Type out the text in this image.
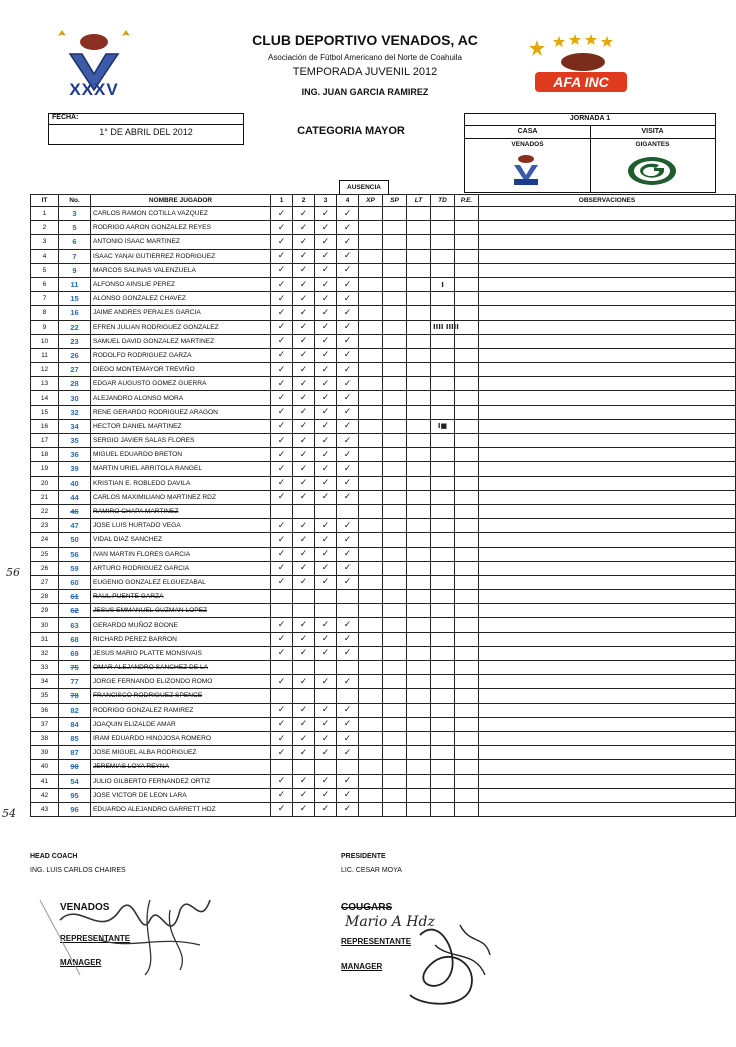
XXXV	AFA INC
CLUB DEPORTIVO VENADOS, AC
Asociación de Fútbol Americano del Norte de Coahuila
TEMPORADA JUVENIL 2012
ING. JUAN GARCIA RAMIREZ
FECHA:
1° DE ABRIL DEL 2012	CATEGORIA MAYOR
JORNADA 1
CASA	VISITA
VENADOS	GIGANTES
AUSENCIA
56
54
IT	No.	NOMBRE JUGADOR	1	2	3	4	XP	SP	LT	TD	P.E.	OBSERVACIONES
1	3	CARLOS RAMON COTILLA VAZQUEZ	✓	✓	✓	✓						
2	5	RODRIGO AARON GONZALEZ REYES	✓	✓	✓	✓						
3	6	ANTONIO ISAAC MARTINEZ	✓	✓	✓	✓						
4	7	ISAAC YANAI GUTIERREZ RODRIGUEZ	✓	✓	✓	✓						
5	9	MARCOS SALINAS VALENZUELA	✓	✓	✓	✓						
6	11	ALFONSO AINSLIE PEREZ	✓	✓	✓	✓				I		
7	15	ALONSO GONZALEZ CHAVEZ	✓	✓	✓	✓						
8	16	JAIME ANDRES PERALES GARCIA	✓	✓	✓	✓						
9	22	EFREN JULIAN RODRIGUEZ GONZALEZ	✓	✓	✓	✓				IIII IIIII		
10	23	SAMUEL DAVID GONZALEZ MARTINEZ	✓	✓	✓	✓						
11	26	RODOLFO RODRIGUEZ GARZA	✓	✓	✓	✓						
12	27	DIEGO MONTEMAYOR TREVIÑO	✓	✓	✓	✓						
13	28	EDGAR AUGUSTO GOMEZ GUERRA	✓	✓	✓	✓						
14	30	ALEJANDRO ALONSO MORA	✓	✓	✓	✓						
15	32	RENE GERARDO RODRIGUEZ ARAGON	✓	✓	✓	✓						
16	34	HECTOR DANIEL MARTINEZ	✓	✓	✓	✓				I■		
17	35	SERGIO JAVIER SALAS FLORES	✓	✓	✓	✓						
18	36	MIGUEL EDUARDO BRETON	✓	✓	✓	✓						
19	39	MARTIN URIEL ARRITOLA RANGEL	✓	✓	✓	✓						
20	40	KRISTIAN E. ROBLEDO DAVILA	✓	✓	✓	✓						
21	44	CARLOS MAXIMILIANO MARTINEZ RDZ	✓	✓	✓	✓						
22	46	RAMIRO CHAPA MARTINEZ										
23	47	JOSE LUIS HURTADO VEGA	✓	✓	✓	✓						
24	50	VIDAL DIAZ SANCHEZ	✓	✓	✓	✓						
25	56	IVAN MARTIN FLORES GARCIA	✓	✓	✓	✓						
26	59	ARTURO RODRIGUEZ GARCIA	✓	✓	✓	✓						
27	60	EUGENIO GONZALEZ ELGUEZABAL	✓	✓	✓	✓						
28	61	RAUL PUENTE GARZA										
29	62	JESUS EMMANUEL GUZMAN LOPEZ										
30	63	GERARDO MUÑOZ BOONE	✓	✓	✓	✓						
31	68	RICHARD PEREZ BARRON	✓	✓	✓	✓						
32	69	JESUS MARIO PLATTE MONSIVAIS	✓	✓	✓	✓						
33	75	OMAR ALEJANDRO SANCHEZ DE LA										
34	77	JORGE FERNANDO ELIZONDO ROMO	✓	✓	✓	✓						
35	78	FRANCISCO RODRIGUEZ SPENCE										
36	82	RODRIGO GONZALEZ RAMIREZ	✓	✓	✓	✓						
37	84	JOAQUIN ELIZALDE AMAR	✓	✓	✓	✓						
38	85	IRAM EDUARDO HINOJOSA ROMERO	✓	✓	✓	✓						
39	87	JOSE MIGUEL ALBA RODRIGUEZ	✓	✓	✓	✓						
40	90	JEREMIAS LOYA REYNA										
41	54	JULIO GILBERTO FERNANDEZ ORTIZ	✓	✓	✓	✓						
42	95	JOSE VICTOR DE LEON LARA	✓	✓	✓	✓						
43	96	EDUARDO ALEJANDRO GARRETT HDZ	✓	✓	✓	✓						
HEAD COACH
ING. LUIS CARLOS CHAIRES
PRESIDENTE
LIC. CESAR MOYA
VENADOS
REPRESENTANTE
MANAGER
COUGARS
Mario A Hdz
REPRESENTANTE
MANAGER
